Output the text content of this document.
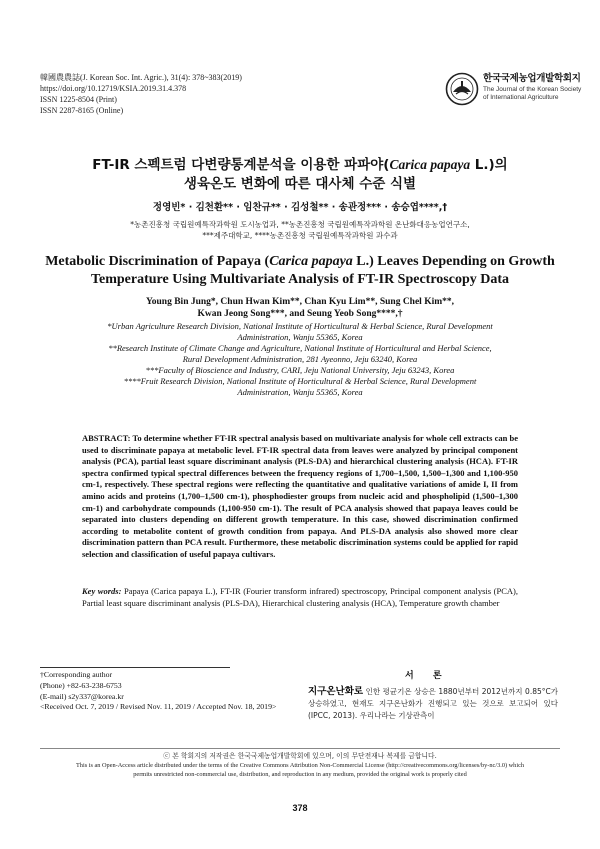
韓國農農誌(J. Korean Soc. Int. Agric.), 31(4): 378~383(2019)
https://doi.org/10.12719/KSIA.2019.31.4.378
ISSN 1225-8504 (Print)
ISSN 2287-8165 (Online)
한국국제농업개발학회지
The Journal of the Korean Society
of International Agriculture
FT-IR 스펙트럼 다변량통계분석을 이용한 파파야(Carica papaya L.)의
생육온도 변화에 따른 대사체 수준 식별
정영빈* · 김천환** · 임찬규** · 김성철** · 송관정*** · 송승엽****,†
*농촌진흥청 국립원예특작과학원 도시농업과, **농촌진흥청 국립원예특작과학원 온난화대응농업연구소,
***제주대학교, ****농촌진흥청 국립원예특작과학원 과수과
Metabolic Discrimination of Papaya (Carica papaya L.) Leaves Depending on Growth
Temperature Using Multivariate Analysis of FT-IR Spectroscopy Data
Young Bin Jung*, Chun Hwan Kim**, Chan Kyu Lim**, Sung Chel Kim**,
Kwan Jeong Song***, and Seung Yeob Song****,†
*Urban Agriculture Research Division, National Institute of Horticultural & Herbal Science, Rural Development
Administration, Wanju 55365, Korea
**Research Institute of Climate Change and Agriculture, National Institute of Horticultural and Herbal Science,
Rural Development Administration, 281 Ayeonno, Jeju 63240, Korea
***Faculty of Bioscience and Industry, CARI, Jeju National University, Jeju 63243, Korea
****Fruit Research Division, National Institute of Horticultural & Herbal Science, Rural Development
Administration, Wanju 55365, Korea
ABSTRACT: To determine whether FT-IR spectral analysis based on multivariate analysis for whole cell extracts can be used to discriminate papaya at metabolic level. FT-IR spectral data from leaves were analyzed by principal component analysis (PCA), partial least square discriminant analysis (PLS-DA) and hierarchical clustering analysis (HCA). FT-IR spectra confirmed typical spectral differences between the frequency regions of 1,700–1,500, 1,500–1,300 and 1,100-950 cm-1, respectively. These spectral regions were reflecting the quantitative and qualitative variations of amide I, II from amino acids and proteins (1,700–1,500 cm-1), phosphodiester groups from nucleic acid and phospholipid (1,500–1,300 cm-1) and carbohydrate compounds (1,100-950 cm-1). The result of PCA analysis showed that papaya leaves could be separated into clusters depending on different growth temperature. In this case, showed discrimination confirmed according to metabolite content of growth condition from papaya. And PLS-DA analysis also showed more clear discrimination pattern than PCA result. Furthermore, these metabolic discrimination systems could be applied for rapid selection and classification of useful papaya cultivars.
Key words: Papaya (Carica papaya L.), FT-IR (Fourier transform infrared) spectroscopy, Principal component analysis (PCA), Partial least square discriminant analysis (PLS-DA), Hierarchical clustering analysis (HCA), Temperature growth chamber
†Corresponding author
(Phone) +82-63-238-6753
(E-mail) s2y337@korea.kr
<Received Oct. 7, 2019 / Revised Nov. 11, 2019 / Accepted Nov. 18, 2019>
서 론
지구온난화로 인한 평균기온 상승은 1880년부터 2012년까지 0.85°C가 상승하였고, 현재도 지구온난화가 진행되고 있는 것으로 보고되어 있다(IPCC, 2013). 우리나라는 기상관측이
ⓒ 본 학회지의 저작권은 한국국제농업개발학회에 있으며, 이의 무단전재나 복제를 금합니다.
This is an Open-Access article distributed under the terms of the Creative Commons Attribution Non-Commercial License (http://creativecommons.org/licenses/by-nc/3.0) which
permits unrestricted non-commercial use, distribution, and reproduction in any medium, provided the original work is properly cited
378
